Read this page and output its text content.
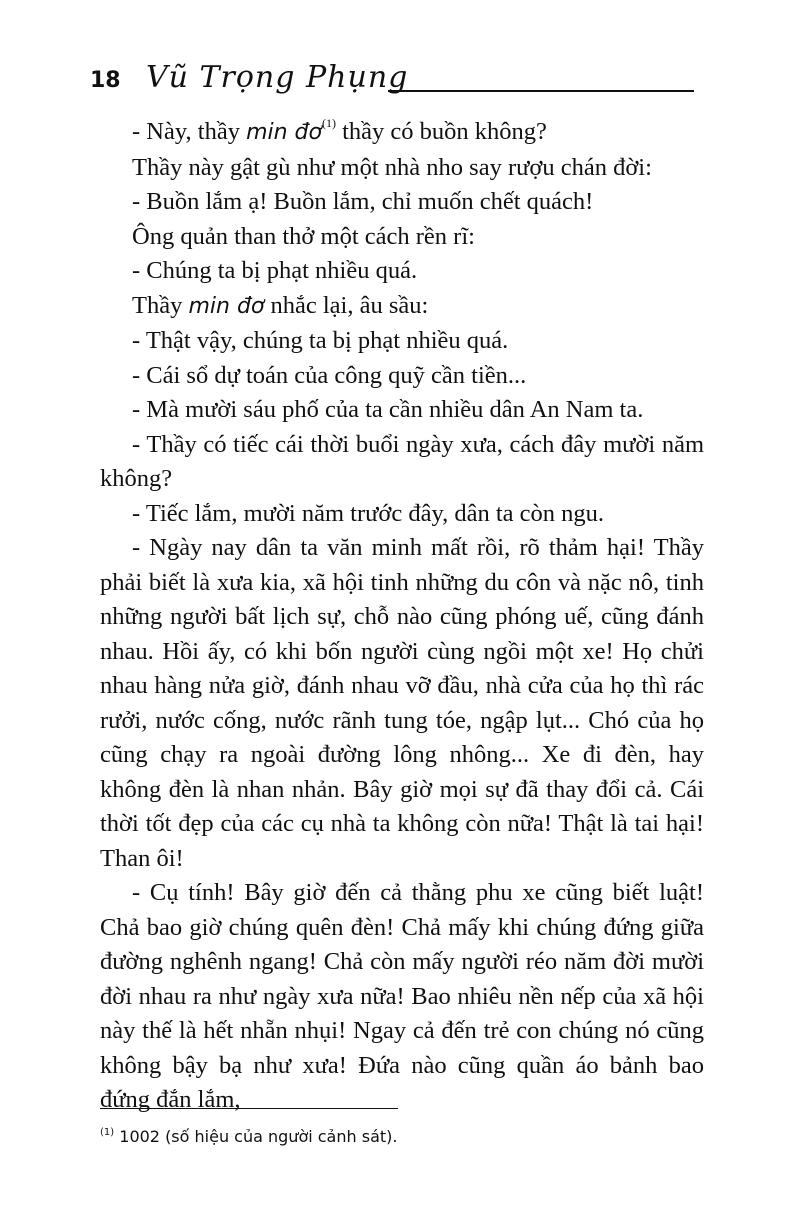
18 Vũ Trọng Phụng

- Này, thầy $\min đơ^{(1)}$ thầy có buồn không?

Thầy này gật gù như một nhà nho say rượu chán đời:

- Buồn lắm ạ! Buồn lắm, chỉ muốn chết quách!

Ông quản than thở một cách rền rĩ:

- Chúng ta bị phạt nhiều quá.

Thầy min đơ nhắc lại, âu sầu:

- Thật vậy, chúng ta bị phạt nhiều quá.

- Cái sổ dự toán của công quỹ cần tiền...

- Mà mười sáu phố của ta cần nhiều dân An Nam ta.

- Thầy có tiếc cái thời buổi ngày xưa, cách đây mười năm không?

- Tiếc lắm, mười năm trước đây, dân ta còn ngu.

- Ngày nay dân ta văn minh mất rồi, rõ thảm hại! Thầy phải biết là xưa kia, xã hội tinh những du côn và nặc nô, tinh những người bất lịch sự, chỗ nào cũng phóng uế, cũng đánh nhau. Hồi ấy, có khi bốn người cùng ngồi một xe! Họ chửi nhau hàng nửa giờ, đánh nhau vỡ đầu, nhà cửa của họ thì rác rưởi, nước cống, nước rãnh tung tóe, ngập lụt... Chó của họ cũng chạy ra ngoài đường lông nhông... Xe đi đèn, hay không đèn là nhan nhản. Bây giờ mọi sự đã thay đổi cả. Cái thời tốt đẹp của các cụ nhà ta không còn nữa! Thật là tai hại! Than ôi!

- Cụ tính! Bây giờ đến cả thằng phu xe cũng biết luật! Chả bao giờ chúng quên đèn! Chả mấy khi chúng đứng giữa đường nghênh ngang! Chả còn mấy người réo năm đời mười đời nhau ra như ngày xưa nữa! Bao nhiêu nền nếp của xã hội này thế là hết nhẵn nhụi! Ngay cả đến trẻ con chúng nó cũng không bậy bạ như xưa! Đứa nào cũng quần áo bảnh bao đứng đắn lắm,

$^{(1)}$ 1002 (số hiệu của người cảnh sát).
